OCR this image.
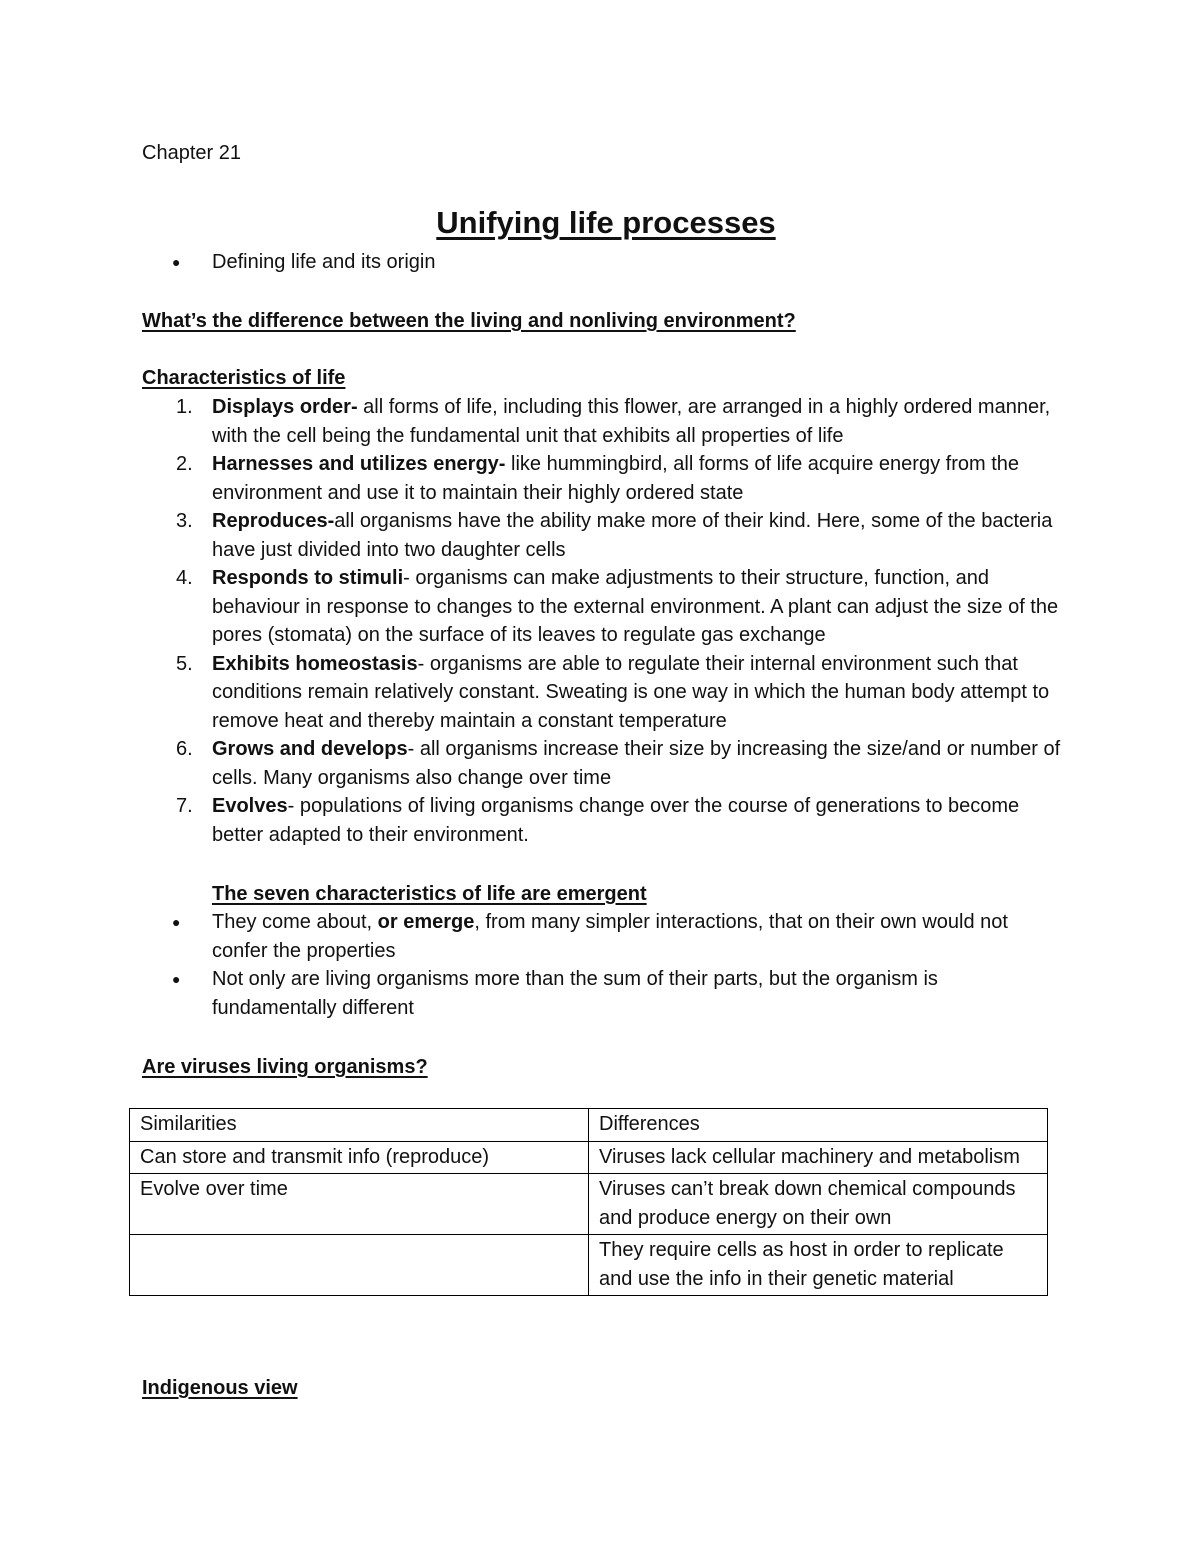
Chapter 21
Unifying life processes
●	Defining life and its origin
What’s the difference between the living and nonliving environment?
Characteristics of life
1. Displays order- all forms of life, including this flower, are arranged in a highly ordered manner, with the cell being the fundamental unit that exhibits all properties of life
2. Harnesses and utilizes energy- like hummingbird, all forms of life acquire energy from the environment and use it to maintain their highly ordered state
3. Reproduces-all organisms have the ability make more of their kind. Here, some of the bacteria have just divided into two daughter cells
4. Responds to stimuli- organisms can make adjustments to their structure, function, and behaviour in response to changes to the external environment. A plant can adjust the size of the pores (stomata) on the surface of its leaves to regulate gas exchange
5. Exhibits homeostasis- organisms are able to regulate their internal environment such that conditions remain relatively constant. Sweating is one way in which the human body attempt to remove heat and thereby maintain a constant temperature
6. Grows and develops- all organisms increase their size by increasing the size/and or number of cells. Many organisms also change over time
7. Evolves- populations of living organisms change over the course of generations to become better adapted to their environment.
The seven characteristics of life are emergent
●	They come about, or emerge, from many simpler interactions, that on their own would not confer the properties
●	Not only are living organisms more than the sum of their parts, but the organism is fundamentally different
Are viruses living organisms?
Similarities	Differences
Can store and transmit info (reproduce)	Viruses lack cellular machinery and metabolism
Evolve over time	Viruses can’t break down chemical compounds and produce energy on their own
	They require cells as host in order to replicate and use the info in their genetic material
Indigenous view
